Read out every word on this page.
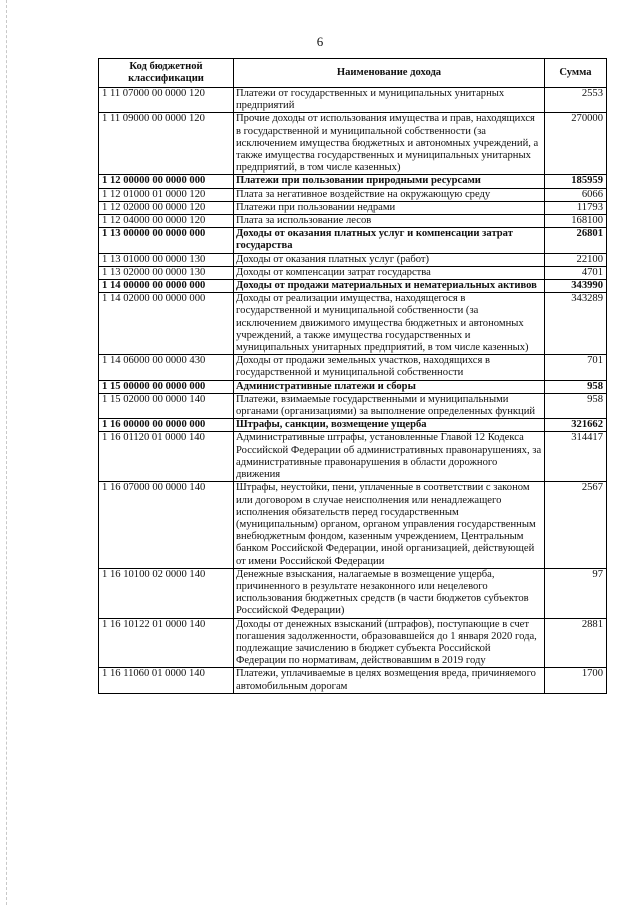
6
Код бюджетной классификации	Наименование дохода	Сумма
1 11 07000 00 0000 120	Платежи от государственных и муниципальных унитарных предприятий	2553
1 11 09000 00 0000 120	Прочие доходы от использования имущества и прав, находящихся в государственной и муниципальной собственности (за исключением имущества бюджетных и автономных учреждений, а также имущества государственных и муниципальных унитарных предприятий, в том числе казенных)	270000
1 12 00000 00 0000 000	Платежи при пользовании природными ресурсами	185959
1 12 01000 01 0000 120	Плата за негативное воздействие на окружающую среду	6066
1 12 02000 00 0000 120	Платежи при пользовании недрами	11793
1 12 04000 00 0000 120	Плата за использование лесов	168100
1 13 00000 00 0000 000	Доходы от оказания платных услуг и компенсации затрат государства	26801
1 13 01000 00 0000 130	Доходы от оказания платных услуг (работ)	22100
1 13 02000 00 0000 130	Доходы от компенсации затрат государства	4701
1 14 00000 00 0000 000	Доходы от продажи материальных и нематериальных активов	343990
1 14 02000 00 0000 000	Доходы от реализации имущества, находящегося в государственной и муниципальной собственности (за исключением движимого имущества бюджетных и автономных учреждений, а также имущества государственных и муниципальных унитарных предприятий, в том числе казенных)	343289
1 14 06000 00 0000 430	Доходы от продажи земельных участков, находящихся в государственной и муниципальной собственности	701
1 15 00000 00 0000 000	Административные платежи и сборы	958
1 15 02000 00 0000 140	Платежи, взимаемые государственными и муниципальными органами (организациями) за выполнение определенных функций	958
1 16 00000 00 0000 000	Штрафы, санкции, возмещение ущерба	321662
1 16 01120 01 0000 140	Административные штрафы, установленные Главой 12 Кодекса Российской Федерации об административных правонарушениях, за административные правонарушения в области дорожного движения	314417
1 16 07000 00 0000 140	Штрафы, неустойки, пени, уплаченные в соответствии с законом или договором в случае неисполнения или ненадлежащего исполнения обязательств перед государственным (муниципальным) органом, органом управления государственным внебюджетным фондом, казенным учреждением, Центральным банком Российской Федерации, иной организацией, действующей от имени Российской Федерации	2567
1 16 10100 02 0000 140	Денежные взыскания, налагаемые в возмещение ущерба, причиненного в результате незаконного или нецелевого использования бюджетных средств (в части бюджетов субъектов Российской Федерации)	97
1 16 10122 01 0000 140	Доходы от денежных взысканий (штрафов), поступающие в счет погашения задолженности, образовавшейся до 1 января 2020 года, подлежащие зачислению в бюджет субъекта Российской Федерации по нормативам, действовавшим в 2019 году	2881
1 16 11060 01 0000 140	Платежи, уплачиваемые в целях возмещения вреда, причиняемого автомобильным дорогам	1700
